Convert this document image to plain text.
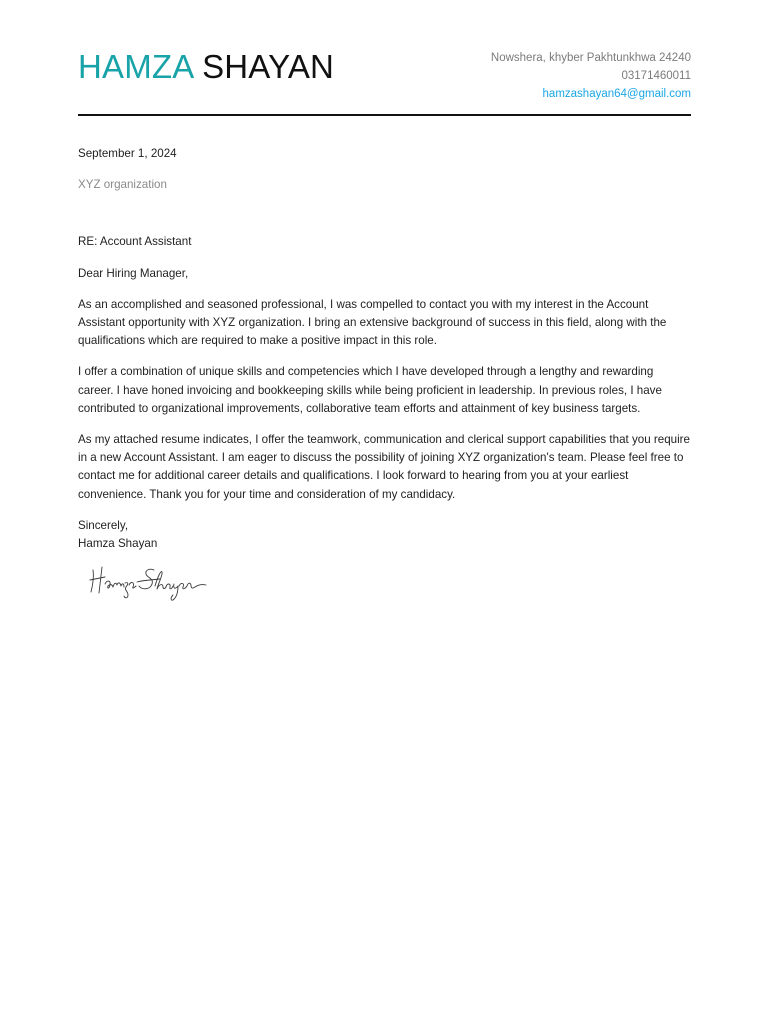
HAMZA SHAYAN	Nowshera, khyber Pakhtunkhwa 24240
03171460011
hamzashayan64@gmail.com

September 1, 2024

XYZ organization

RE: Account Assistant

Dear Hiring Manager,

As an accomplished and seasoned professional, I was compelled to contact you with my interest in the Account Assistant opportunity with XYZ organization. I bring an extensive background of success in this field, along with the qualifications which are required to make a positive impact in this role.

I offer a combination of unique skills and competencies which I have developed through a lengthy and rewarding career. I have honed invoicing and bookkeeping skills while being proficient in leadership. In previous roles, I have contributed to organizational improvements, collaborative team efforts and attainment of key business targets.

As my attached resume indicates, I offer the teamwork, communication and clerical support capabilities that you require in a new Account Assistant. I am eager to discuss the possibility of joining XYZ organization's team. Please feel free to contact me for additional career details and qualifications. I look forward to hearing from you at your earliest convenience. Thank you for your time and consideration of my candidacy.

Sincerely,
Hamza Shayan
